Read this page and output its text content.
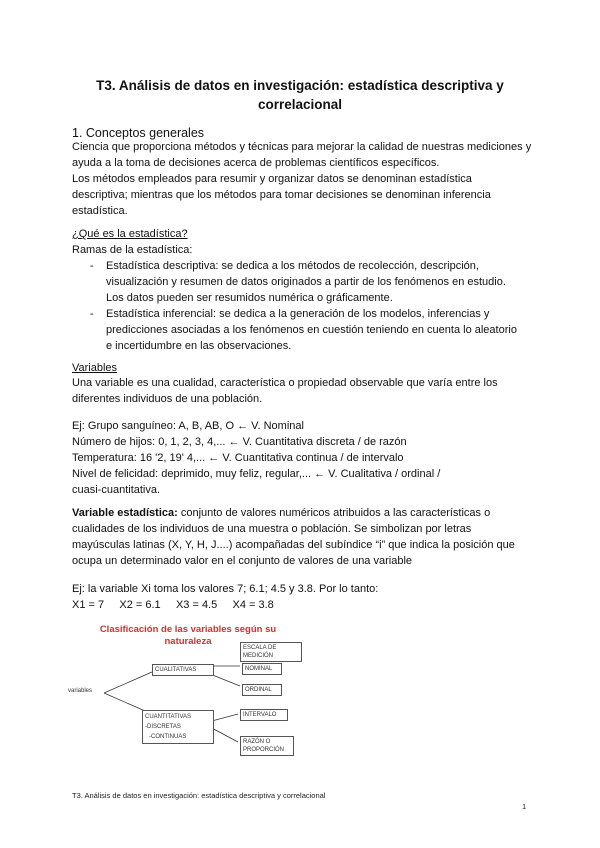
T3. Análisis de datos en investigación: estadística descriptiva y correlacional
1. Conceptos generales

Ciencia que proporciona métodos y técnicas para mejorar la calidad de nuestras mediciones y ayuda a la toma de decisiones acerca de problemas científicos específicos.

Los métodos empleados para resumir y organizar datos se denominan estadística descriptiva; mientras que los métodos para tomar decisiones se denominan inferencia estadística.

¿Qué es la estadística?
Ramas de la estadística:
- Estadística descriptiva: se dedica a los métodos de recolección, descripción, visualización y resumen de datos originados a partir de los fenómenos en estudio. Los datos pueden ser resumidos numérica o gráficamente.
- Estadística inferencial: se dedica a la generación de los modelos, inferencias y predicciones asociadas a los fenómenos en cuestión teniendo en cuenta lo aleatorio e incertidumbre en las observaciones.
Variables

Una variable es una cualidad, característica o propiedad observable que varía entre los diferentes individuos de una población.

Ej: Grupo sanguíneo: A, B, AB, O ← V. Nominal
Número de hijos: 0, 1, 2, 3, 4,... ← V. Cuantitativa discreta / de razón
Temperatura: 16 '2, 19' 4,... ← V. Cuantitativa continua / de intervalo
Nivel de felicidad: deprimido, muy feliz, regular,... ← V. Cualitativa / ordinal / cuasi-cuantitativa.

Variable estadística: conjunto de valores numéricos atribuidos a las características o cualidades de los individuos de una muestra o población. Se simbolizan por letras mayúsculas latinas (X, Y, H, J....) acompañadas del subíndice “i” que indica la posición que ocupa un determinado valor en el conjunto de valores de una variable

Ej: la variable Xi toma los valores 7; 6.1; 4.5 y 3.8. Por lo tanto:
X1 = 7     X2 = 6.1     X3 = 4.5     X4 = 3.8
Clasificación de las variables según su
naturaleza
ESCALA DE MEDICIÓN
variables
CUALITATIVAS	NOMINAL
ORDINAL
CUANTITATIVAS
-DISCRETAS
-CONTINUAS
INTERVALO
RAZÓN O
PROPORCIÓN
T3. Análisis de datos en investigación: estadística descriptiva y correlacional
1
